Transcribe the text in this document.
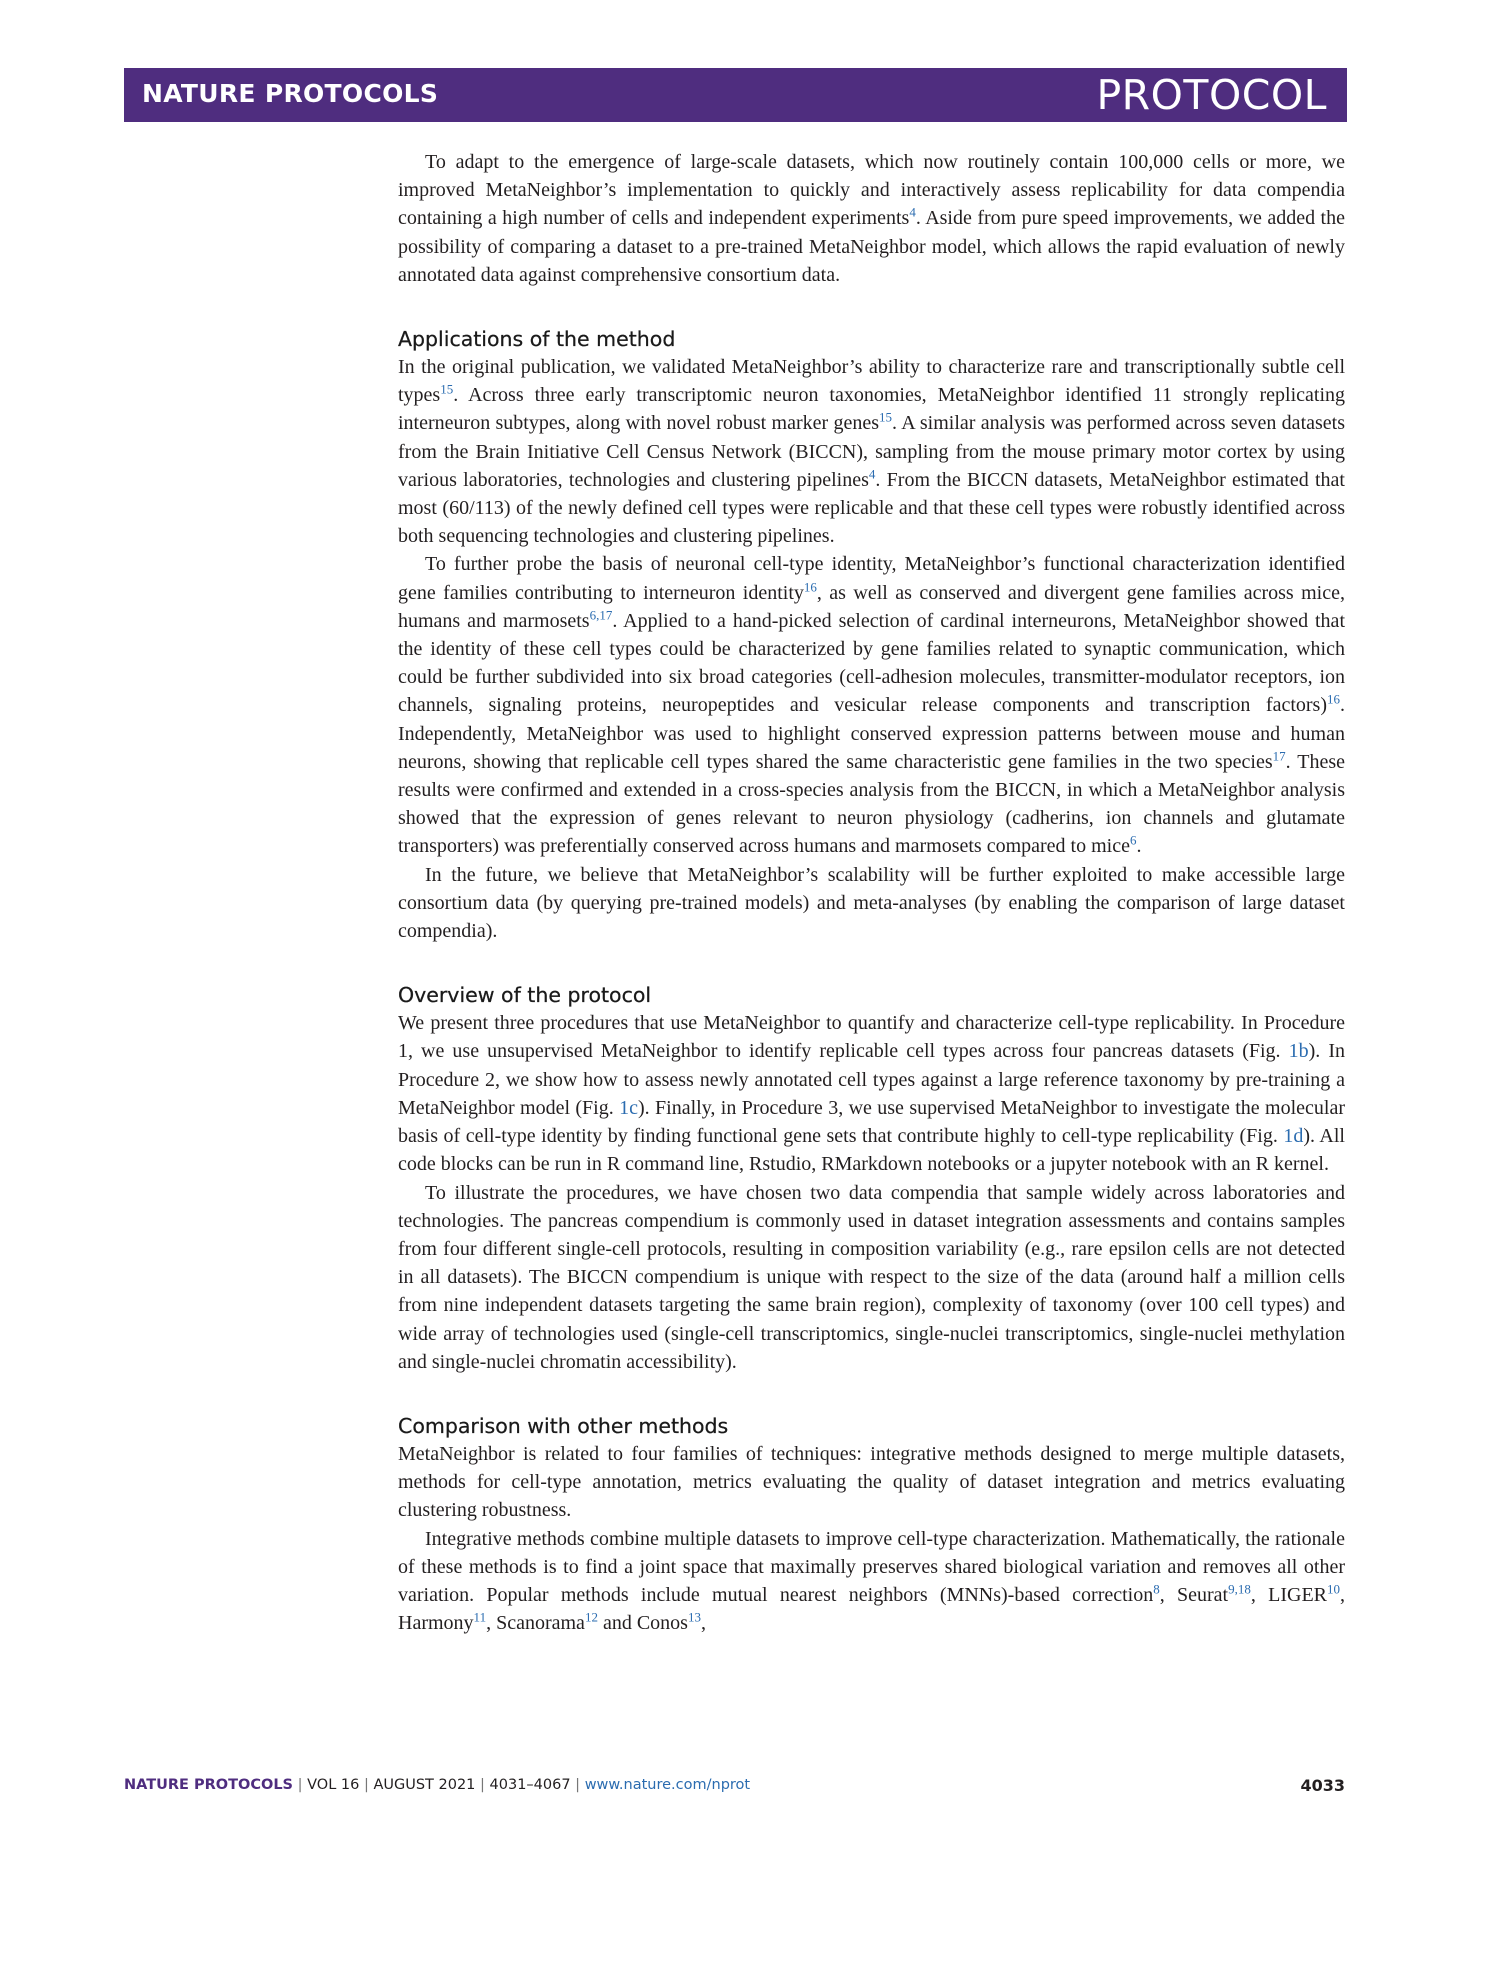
NATURE PROTOCOLS	PROTOCOL

To adapt to the emergence of large-scale datasets, which now routinely contain 100,000 cells or more, we improved MetaNeighbor’s implementation to quickly and interactively assess replicability for data compendia containing a high number of cells and independent experiments$^4$. Aside from pure speed improvements, we added the possibility of comparing a dataset to a pre-trained MetaNeighbor model, which allows the rapid evaluation of newly annotated data against comprehensive consortium data.

Applications of the method

In the original publication, we validated MetaNeighbor’s ability to characterize rare and transcriptionally subtle cell types$^{15}$. Across three early transcriptomic neuron taxonomies, MetaNeighbor identified 11 strongly replicating interneuron subtypes, along with novel robust marker genes$^{15}$. A similar analysis was performed across seven datasets from the Brain Initiative Cell Census Network (BICCN), sampling from the mouse primary motor cortex by using various laboratories, technologies and clustering pipelines$^4$. From the BICCN datasets, MetaNeighbor estimated that most (60/113) of the newly defined cell types were replicable and that these cell types were robustly identified across both sequencing technologies and clustering pipelines.

To further probe the basis of neuronal cell-type identity, MetaNeighbor’s functional characterization identified gene families contributing to interneuron identity$^{16}$, as well as conserved and divergent gene families across mice, humans and marmosets$^{6,17}$. Applied to a hand-picked selection of cardinal interneurons, MetaNeighbor showed that the identity of these cell types could be characterized by gene families related to synaptic communication, which could be further subdivided into six broad categories (cell-adhesion molecules, transmitter-modulator receptors, ion channels, signaling proteins, neuropeptides and vesicular release components and transcription factors)$^{16}$. Independently, MetaNeighbor was used to highlight conserved expression patterns between mouse and human neurons, showing that replicable cell types shared the same characteristic gene families in the two species$^{17}$. These results were confirmed and extended in a cross-species analysis from the BICCN, in which a MetaNeighbor analysis showed that the expression of genes relevant to neuron physiology (cadherins, ion channels and glutamate transporters) was preferentially conserved across humans and marmosets compared to mice$^6$.

In the future, we believe that MetaNeighbor’s scalability will be further exploited to make accessible large consortium data (by querying pre-trained models) and meta-analyses (by enabling the comparison of large dataset compendia).

Overview of the protocol

We present three procedures that use MetaNeighbor to quantify and characterize cell-type replicability. In Procedure 1, we use unsupervised MetaNeighbor to identify replicable cell types across four pancreas datasets (Fig. 1b). In Procedure 2, we show how to assess newly annotated cell types against a large reference taxonomy by pre-training a MetaNeighbor model (Fig. 1c). Finally, in Procedure 3, we use supervised MetaNeighbor to investigate the molecular basis of cell-type identity by finding functional gene sets that contribute highly to cell-type replicability (Fig. 1d). All code blocks can be run in R command line, Rstudio, RMarkdown notebooks or a jupyter notebook with an R kernel.

To illustrate the procedures, we have chosen two data compendia that sample widely across laboratories and technologies. The pancreas compendium is commonly used in dataset integration assessments and contains samples from four different single-cell protocols, resulting in composition variability (e.g., rare epsilon cells are not detected in all datasets). The BICCN compendium is unique with respect to the size of the data (around half a million cells from nine independent datasets targeting the same brain region), complexity of taxonomy (over 100 cell types) and wide array of technologies used (single-cell transcriptomics, single-nuclei transcriptomics, single-nuclei methylation and single-nuclei chromatin accessibility).

Comparison with other methods

MetaNeighbor is related to four families of techniques: integrative methods designed to merge multiple datasets, methods for cell-type annotation, metrics evaluating the quality of dataset integration and metrics evaluating clustering robustness.

Integrative methods combine multiple datasets to improve cell-type characterization. Mathematically, the rationale of these methods is to find a joint space that maximally preserves shared biological variation and removes all other variation. Popular methods include mutual nearest neighbors (MNNs)-based correction$^8$, Seurat$^{9,18}$, LIGER$^{10}$, Harmony$^{11}$, Scanorama$^{12}$ and Conos$^{13}$,

NATURE PROTOCOLS | VOL 16 | AUGUST 2021 | 4031–4067 | www.nature.com/nprot	4033
